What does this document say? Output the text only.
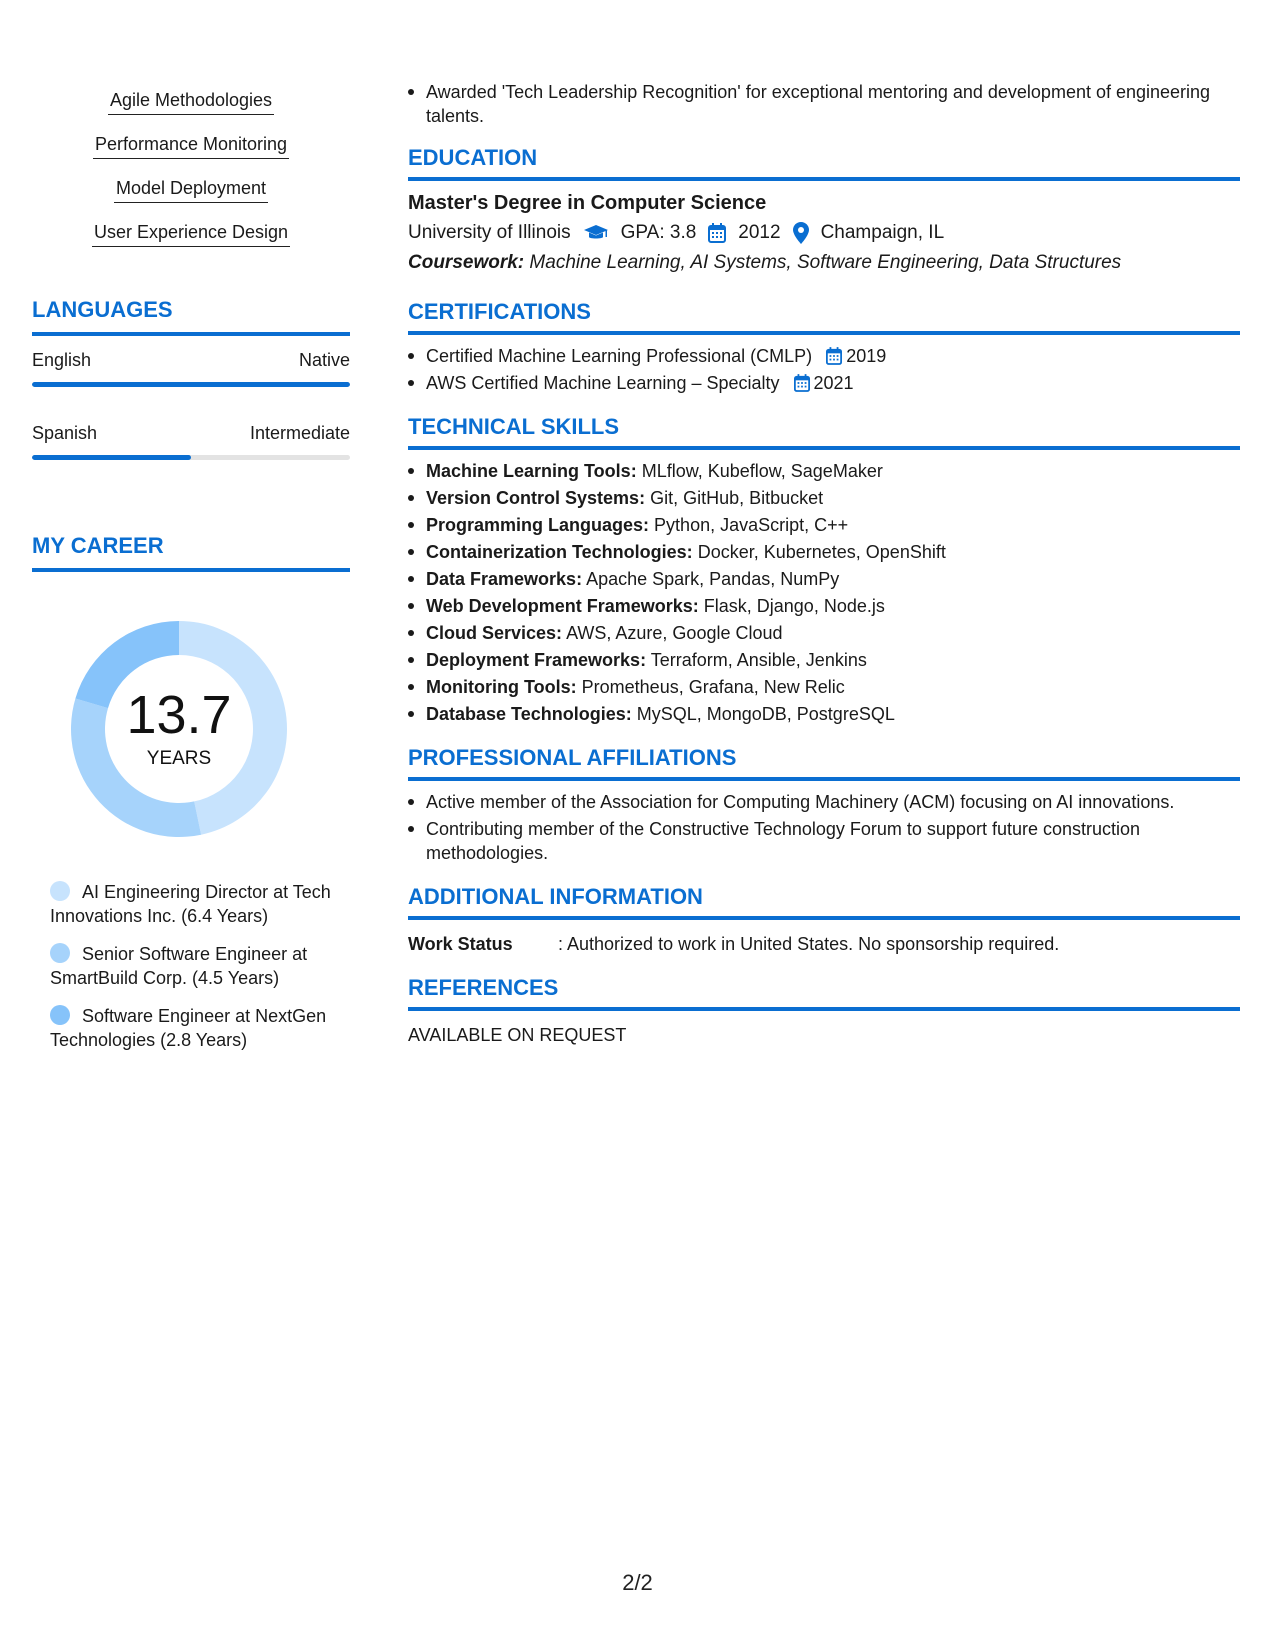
Agile Methodologies
Performance Monitoring
Model Deployment
User Experience Design
LANGUAGES
English	Native
Spanish	Intermediate
MY CAREER
13.7
YEARS
AI Engineering Director at Tech Innovations Inc. (6.4 Years)
Senior Software Engineer at SmartBuild Corp. (4.5 Years)
Software Engineer at NextGen Technologies (2.8 Years)
Awarded 'Tech Leadership Recognition' for exceptional mentoring and development of engineering talents.
EDUCATION
Master's Degree in Computer Science
University of Illinois	GPA: 3.8 2012 Champaign, IL
Coursework: Machine Learning, AI Systems, Software Engineering, Data Structures
CERTIFICATIONS
Certified Machine Learning Professional (CMLP) 2019
AWS Certified Machine Learning – Specialty 2021
TECHNICAL SKILLS
Machine Learning Tools: MLflow, Kubeflow, SageMaker
Version Control Systems: Git, GitHub, Bitbucket
Programming Languages: Python, JavaScript, C++
Containerization Technologies: Docker, Kubernetes, OpenShift
Data Frameworks: Apache Spark, Pandas, NumPy
Web Development Frameworks: Flask, Django, Node.js
Cloud Services: AWS, Azure, Google Cloud
Deployment Frameworks: Terraform, Ansible, Jenkins
Monitoring Tools: Prometheus, Grafana, New Relic
Database Technologies: MySQL, MongoDB, PostgreSQL
PROFESSIONAL AFFILIATIONS
Active member of the Association for Computing Machinery (ACM) focusing on AI innovations.
Contributing member of the Constructive Technology Forum to support future construction methodologies.
ADDITIONAL INFORMATION
Work Status	: Authorized to work in United States. No sponsorship required.
REFERENCES
AVAILABLE ON REQUEST
2/2
